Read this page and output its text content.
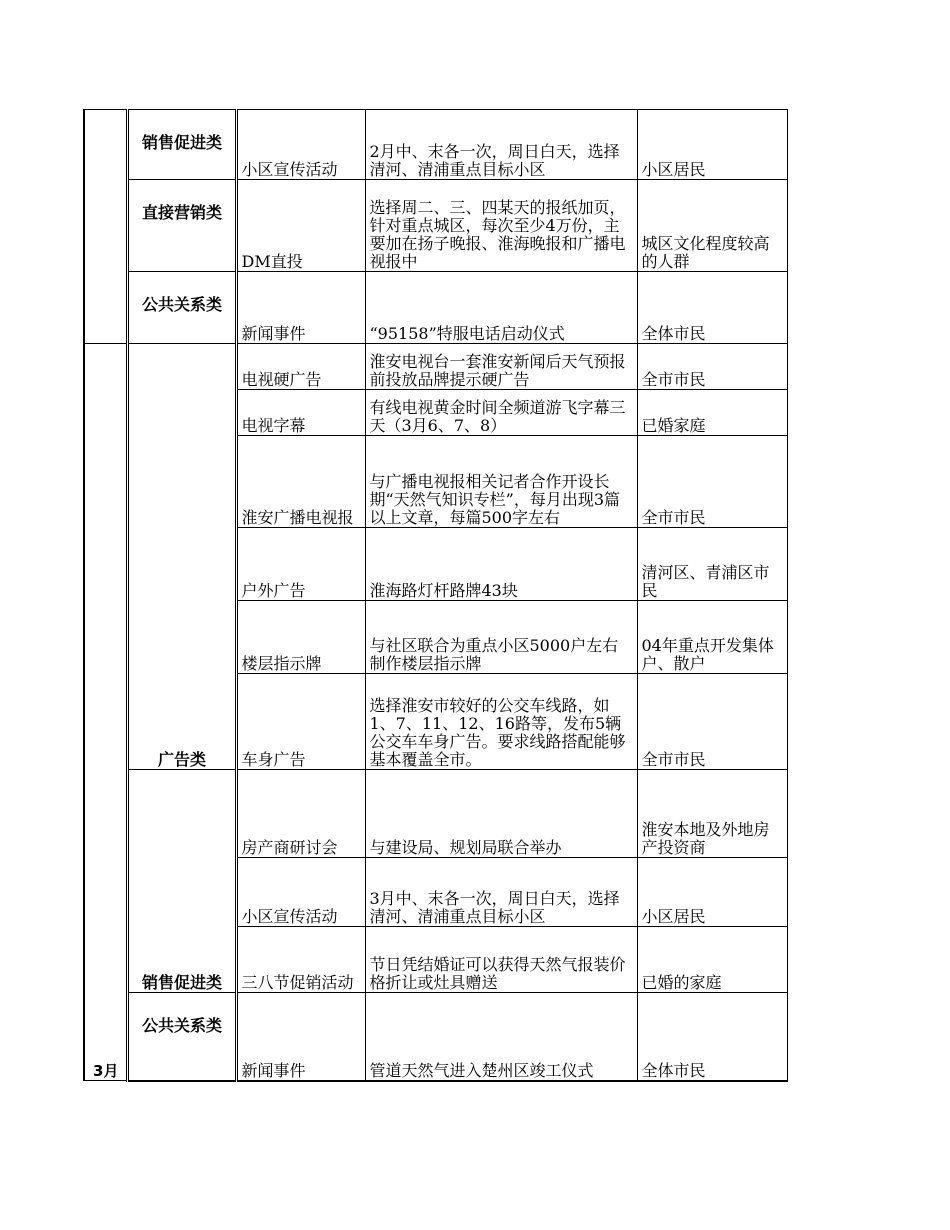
	销售促进类	小区宣传活动	2月中、末各一次，周日白天，选择清河、清浦重点目标小区	小区居民

	直接营销类	DM直投	选择周二、三、四某天的报纸加页，针对重点城区，每次至少4万份，主要加在扬子晚报、淮海晚报和广播电视报中	城区文化程度较高的人群

	公共关系类	新闻事件	“95158”特服电话启动仪式	全体市民
3月	广告类	电视硬广告	淮安电视台一套淮安新闻后天气预报前投放品牌提示硬广告	全市市民
		电视字幕	有线电视黄金时间全频道游飞字幕三天（3月6、7、8）	已婚家庭
		淮安广播电视报	与广播电视报相关记者合作开设长期“天然气知识专栏”，每月出现3篇以上文章，每篇500字左右	全市市民
		户外广告	淮海路灯杆路牌43块	清河区、青浦区市民
		楼层指示牌	与社区联合为重点小区5000户左右制作楼层指示牌	04年重点开发集体户、散户
		车身广告	选择淮安市较好的公交车线路，如1、7、11、12、16路等，发布5辆公交车车身广告。要求线路搭配能够基本覆盖全市。	全市市民

	销售促进类	房产商研讨会	与建设局、规划局联合举办	淮安本地及外地房产投资商
		小区宣传活动	3月中、末各一次，周日白天，选择清河、清浦重点目标小区	小区居民
		三八节促销活动	节日凭结婚证可以获得天然气报装价格折让或灶具赠送	已婚的家庭

	公共关系类	新闻事件	管道天然气进入楚州区竣工仪式	全体市民
